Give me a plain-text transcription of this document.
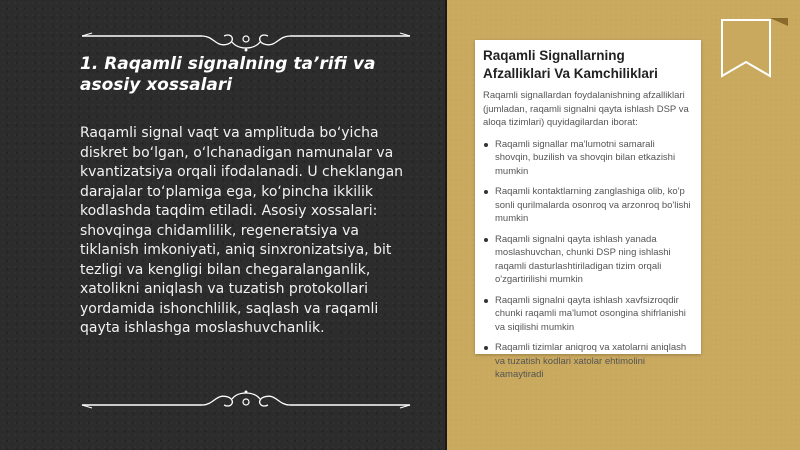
1. Raqamli signalning ta’rifi va asosiy xossalari

Raqamli signal vaqt va amplituda bo‘yicha diskret bo‘lgan, o‘lchanadigan namunalar va kvantizatsiya orqali ifodalanadi. U cheklangan darajalar to‘plamiga ega, ko‘pincha ikkilik kodlashda taqdim etiladi. Asosiy xossalari: shovqinga chidamlilik, regeneratsiya va tiklanish imkoniyati, aniq sinxronizatsiya, bit tezligi va kengligi bilan chegaralanganlik, xatolikni aniqlash va tuzatish protokollari yordamida ishonchlilik, saqlash va raqamli qayta ishlashga moslashuvchanlik.

Raqamli Signallarning Afzalliklari Va Kamchiliklari

Raqamli signallardan foydalanishning afzalliklari (jumladan, raqamli signalni qayta ishlash DSP va aloqa tizimlari) quyidagilardan iborat:

Raqamli signallar ma'lumotni samarali shovqin, buzilish va shovqin bilan etkazishi mumkin
Raqamli kontaktlarning zanglashiga olib, ko'p sonli qurilmalarda osonroq va arzonroq bo'lishi mumkin
Raqamli signalni qayta ishlash yanada moslashuvchan, chunki DSP ning ishlashi raqamli dasturlashtiriladigan tizim orqali o'zgartirilishi mumkin
Raqamli signalni qayta ishlash xavfsizroqdir chunki raqamli ma'lumot osongina shifrlanishi va siqilishi mumkin
Raqamli tizimlar aniqroq va xatolarni aniqlash va tuzatish kodlari xatolar ehtimolini kamaytiradi
